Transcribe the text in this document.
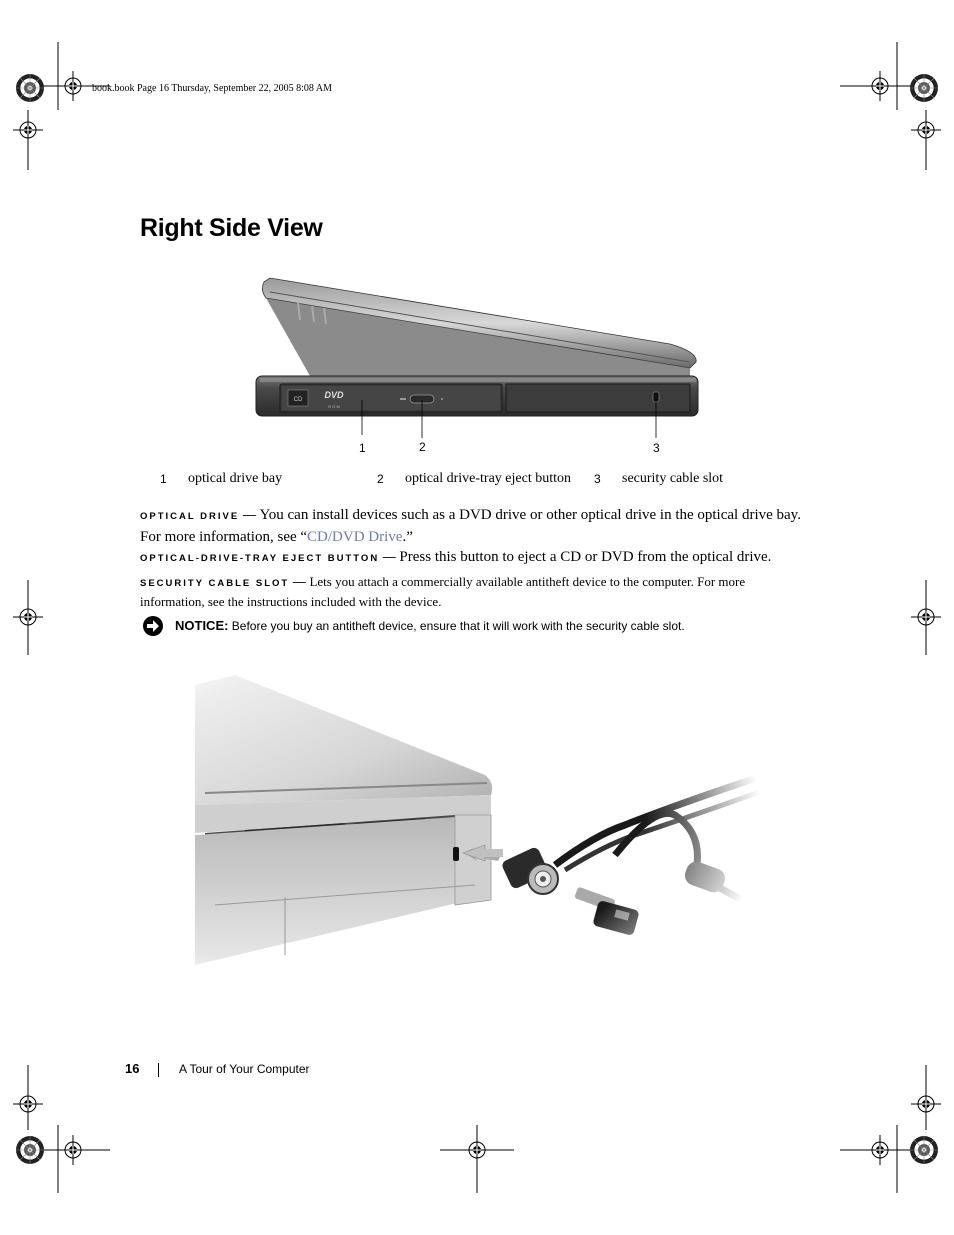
book.book Page 16 Thursday, September 22, 2005 8:08 AM
Right Side View
CD DVD
R O M
1	2	3
1 optical drive bay	2 optical drive-tray eject button 3 security cable slot
OPTICAL DRIVE — You can install devices such as a DVD drive or other optical drive in the optical drive bay. For more information, see “CD/DVD Drive.”
OPTICAL-DRIVE-TRAY EJECT BUTTON — Press this button to eject a CD or DVD from the optical drive.
SECURITY CABLE SLOT — Lets you attach a commercially available antitheft device to the computer. For more information, see the instructions included with the device.
NOTICE: Before you buy an antitheft device, ensure that it will work with the security cable slot.
16	A Tour of Your Computer
